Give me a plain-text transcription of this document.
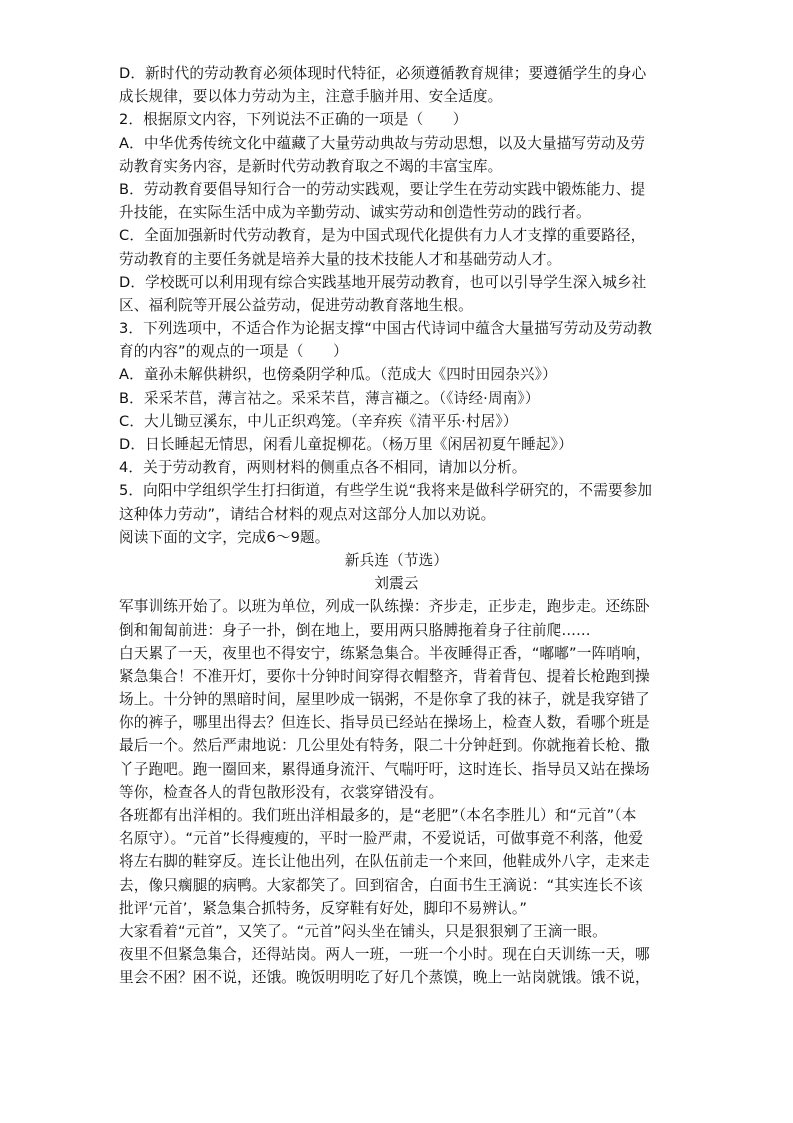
D．新时代的劳动教育必须体现时代特征，必须遵循教育规律；要遵循学生的身心
成长规律，要以体力劳动为主，注意手脑并用、安全适度。
2．根据原文内容，下列说法不正确的一项是（　　）
A．中华优秀传统文化中蕴藏了大量劳动典故与劳动思想，以及大量描写劳动及劳
动教育实务内容，是新时代劳动教育取之不竭的丰富宝库。
B．劳动教育要倡导知行合一的劳动实践观，要让学生在劳动实践中锻炼能力、提
升技能，在实际生活中成为辛勤劳动、诚实劳动和创造性劳动的践行者。
C．全面加强新时代劳动教育，是为中国式现代化提供有力人才支撑的重要路径，
劳动教育的主要任务就是培养大量的技术技能人才和基础劳动人才。
D．学校既可以利用现有综合实践基地开展劳动教育，也可以引导学生深入城乡社
区、福利院等开展公益劳动，促进劳动教育落地生根。
3．下列选项中，不适合作为论据支撑“中国古代诗词中蕴含大量描写劳动及劳动教
育的内容”的观点的一项是（　　）
A．童孙未解供耕织，也傍桑阴学种瓜。（范成大《四时田园杂兴》）
B．采采芣苢，薄言祜之。采采芣苢，薄言襭之。（《诗经·周南》）
C．大儿锄豆溪东，中儿正织鸡笼。（辛弃疾《清平乐·村居》）
D．日长睡起无情思，闲看儿童捉柳花。（杨万里《闲居初夏午睡起》）
4．关于劳动教育，两则材料的侧重点各不相同，请加以分析。
5．向阳中学组织学生打扫街道，有些学生说“我将来是做科学研究的，不需要参加
这种体力劳动”，请结合材料的观点对这部分人加以劝说。
阅读下面的文字，完成6～9题。
新兵连（节选）
刘震云
军事训练开始了。以班为单位，列成一队练操：齐步走，正步走，跑步走。还练卧
倒和匍匐前进：身子一扑，倒在地上，要用两只胳膊拖着身子往前爬……
白天累了一天，夜里也不得安宁，练紧急集合。半夜睡得正香，“嘟嘟”一阵哨响，
紧急集合！不准开灯，要你十分钟时间穿得衣帽整齐，背着背包、提着长枪跑到操
场上。十分钟的黑暗时间，屋里吵成一锅粥，不是你拿了我的袜子，就是我穿错了
你的裤子，哪里出得去？但连长、指导员已经站在操场上，检查人数，看哪个班是
最后一个。然后严肃地说：几公里处有特务，限二十分钟赶到。你就拖着长枪、撒
丫子跑吧。跑一圈回来，累得通身流汗、气喘吁吁，这时连长、指导员又站在操场
等你，检查各人的背包散形没有，衣裳穿错没有。
各班都有出洋相的。我们班出洋相最多的，是“老肥”（本名李胜儿）和“元首”（本
名原守）。“元首”长得瘦瘦的，平时一脸严肃，不爱说话，可做事竟不利落，他爱
将左右脚的鞋穿反。连长让他出列，在队伍前走一个来回，他鞋成外八字，走来走
去，像只瘸腿的病鸭。大家都笑了。回到宿舍，白面书生王滴说：“其实连长不该
批评‘元首’，紧急集合抓特务，反穿鞋有好处，脚印不易辨认。”
大家看着“元首”，又笑了。“元首”闷头坐在铺头，只是狠狠剜了王滴一眼。
夜里不但紧急集合，还得站岗。两人一班，一班一个小时。现在白天训练一天，哪
里会不困？困不说，还饿。晚饭明明吃了好几个蒸馍，晚上一站岗就饿。饿不说，
